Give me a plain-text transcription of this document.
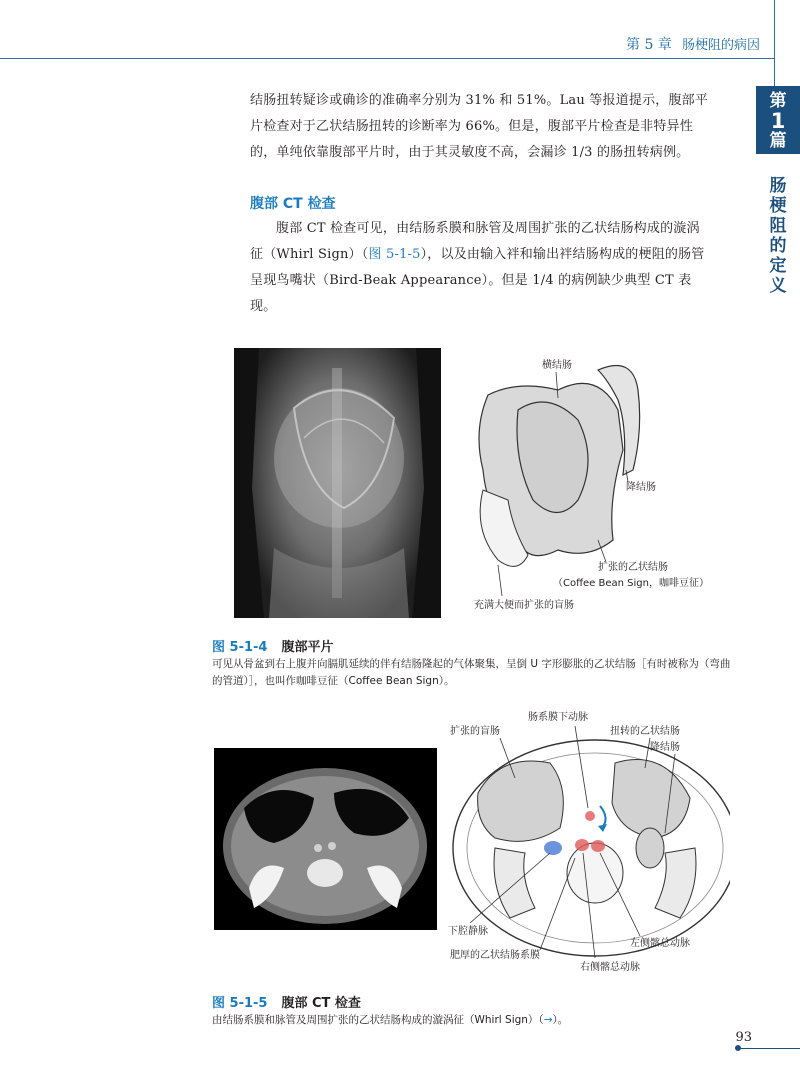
第 5 章 肠梗阻的病因
第
1
篇
肠梗阻的定义
结肠扭转疑诊或确诊的准确率分别为 31% 和 51%。Lau 等报道提示，腹部平片检查对于乙状结肠扭转的诊断率为 66%。但是，腹部平片检查是非特异性的，单纯依靠腹部平片时，由于其灵敏度不高，会漏诊 1/3 的肠扭转病例。
腹部 CT 检查
腹部 CT 检查可见，由结肠系膜和脉管及周围扩张的乙状结肠构成的漩涡征（Whirl Sign）（图 5-1-5），以及由输入袢和输出袢结肠构成的梗阻的肠管呈现鸟嘴状（Bird-Beak Appearance）。但是 1/4 的病例缺少典型 CT 表现。
横结肠
降结肠
扩张的乙状结肠
（Coffee Bean Sign，咖啡豆征）
充满大便而扩张的盲肠
图 5-1-4 腹部平片
可见从骨盆到右上腹并向膈肌延续的伴有结肠隆起的气体聚集，呈倒 U 字形膨胀的乙状结肠［有时被称为（弯曲的管道）］，也叫作咖啡豆征（Coffee Bean Sign）。
扩张的盲肠
肠系膜下动脉
扭转的乙状结肠
降结肠
下腔静脉
左侧髂总动脉
肥厚的乙状结肠系膜
右侧髂总动脉
图 5-1-5 腹部 CT 检查
由结肠系膜和脉管及周围扩张的乙状结肠构成的漩涡征（Whirl Sign）（→）。
93
